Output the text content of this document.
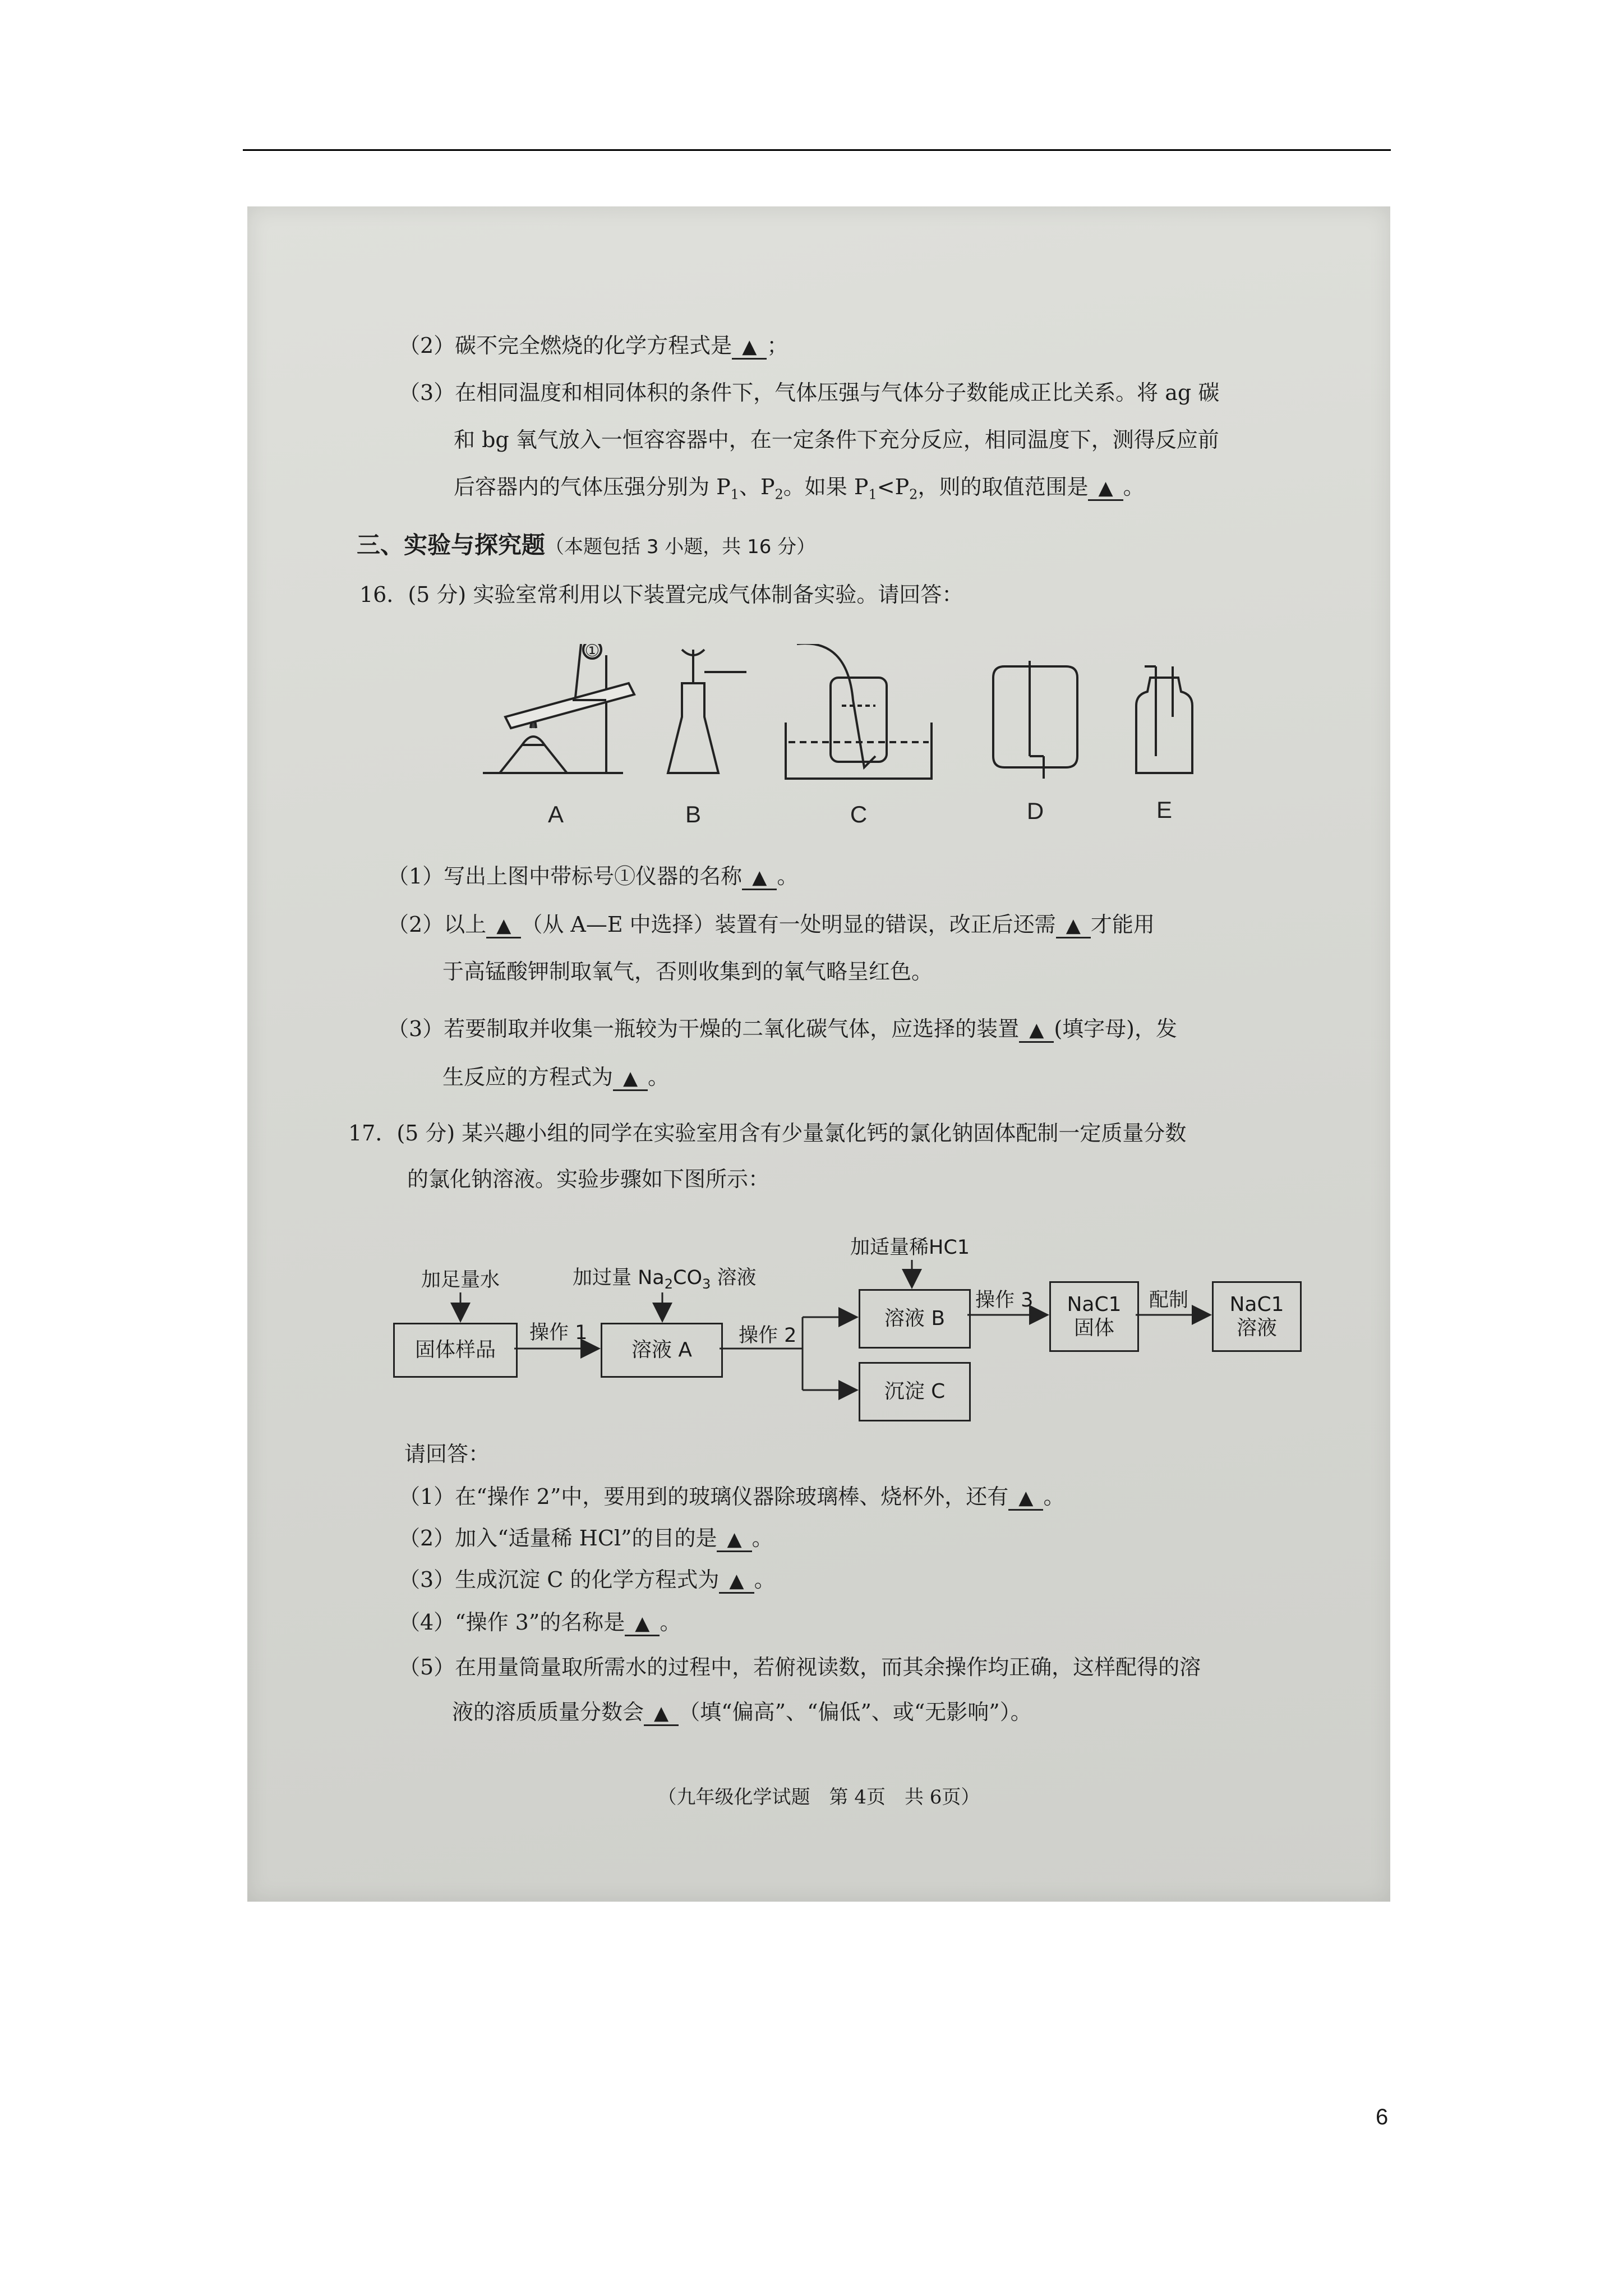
（2）碳不完全燃烧的化学方程式是 ▲ ；
（3）在相同温度和相同体积的条件下，气体压强与气体分子数能成正比关系。将 ag 碳
和 bg 氧气放入一恒容容器中，在一定条件下充分反应，相同温度下，测得反应前
后容器内的气体压强分别为 $P_1$、$P_2$。如果 $P_1<P_2$，则的取值范围是 ▲ 。
三、实验与探究题（本题包括 3 小题，共 16 分）
16．(5 分) 实验室常利用以下装置完成气体制备实验。请回答：
①
A	B	C	D	E
（1）写出上图中带标号①仪器的名称 ▲ 。
（2）以上 ▲ （从 A—E 中选择）装置有一处明显的错误，改正后还需 ▲ 才能用
于高锰酸钾制取氧气，否则收集到的氧气略呈红色。
（3）若要制取并收集一瓶较为干燥的二氧化碳气体，应选择的装置 ▲ (填字母)，发
生反应的方程式为 ▲ 。
17．(5 分) 某兴趣小组的同学在实验室用含有少量氯化钙的氯化钠固体配制一定质量分数
的氯化钠溶液。实验步骤如下图所示：
加足量水	加过量 $Na_2CO_3$ 溶液
加适量稀HC1
固体样品	溶液 A
溶液 B
沉淀 C
NaC1
固体
NaC1
溶液
操作 1	操作 2
操作 3	配制
请回答：
（1）在“操作 2”中，要用到的玻璃仪器除玻璃棒、烧杯外，还有 ▲ 。
（2）加入“适量稀 HCl”的目的是 ▲ 。
（3）生成沉淀 C 的化学方程式为 ▲ 。
（4）“操作 3”的名称是 ▲ 。
（5）在用量筒量取所需水的过程中，若俯视读数，而其余操作均正确，这样配得的溶
液的溶质质量分数会 ▲ （填“偏高”、“偏低”、或“无影响”）。
（九年级化学试题　第 4页　共 6页）
6
